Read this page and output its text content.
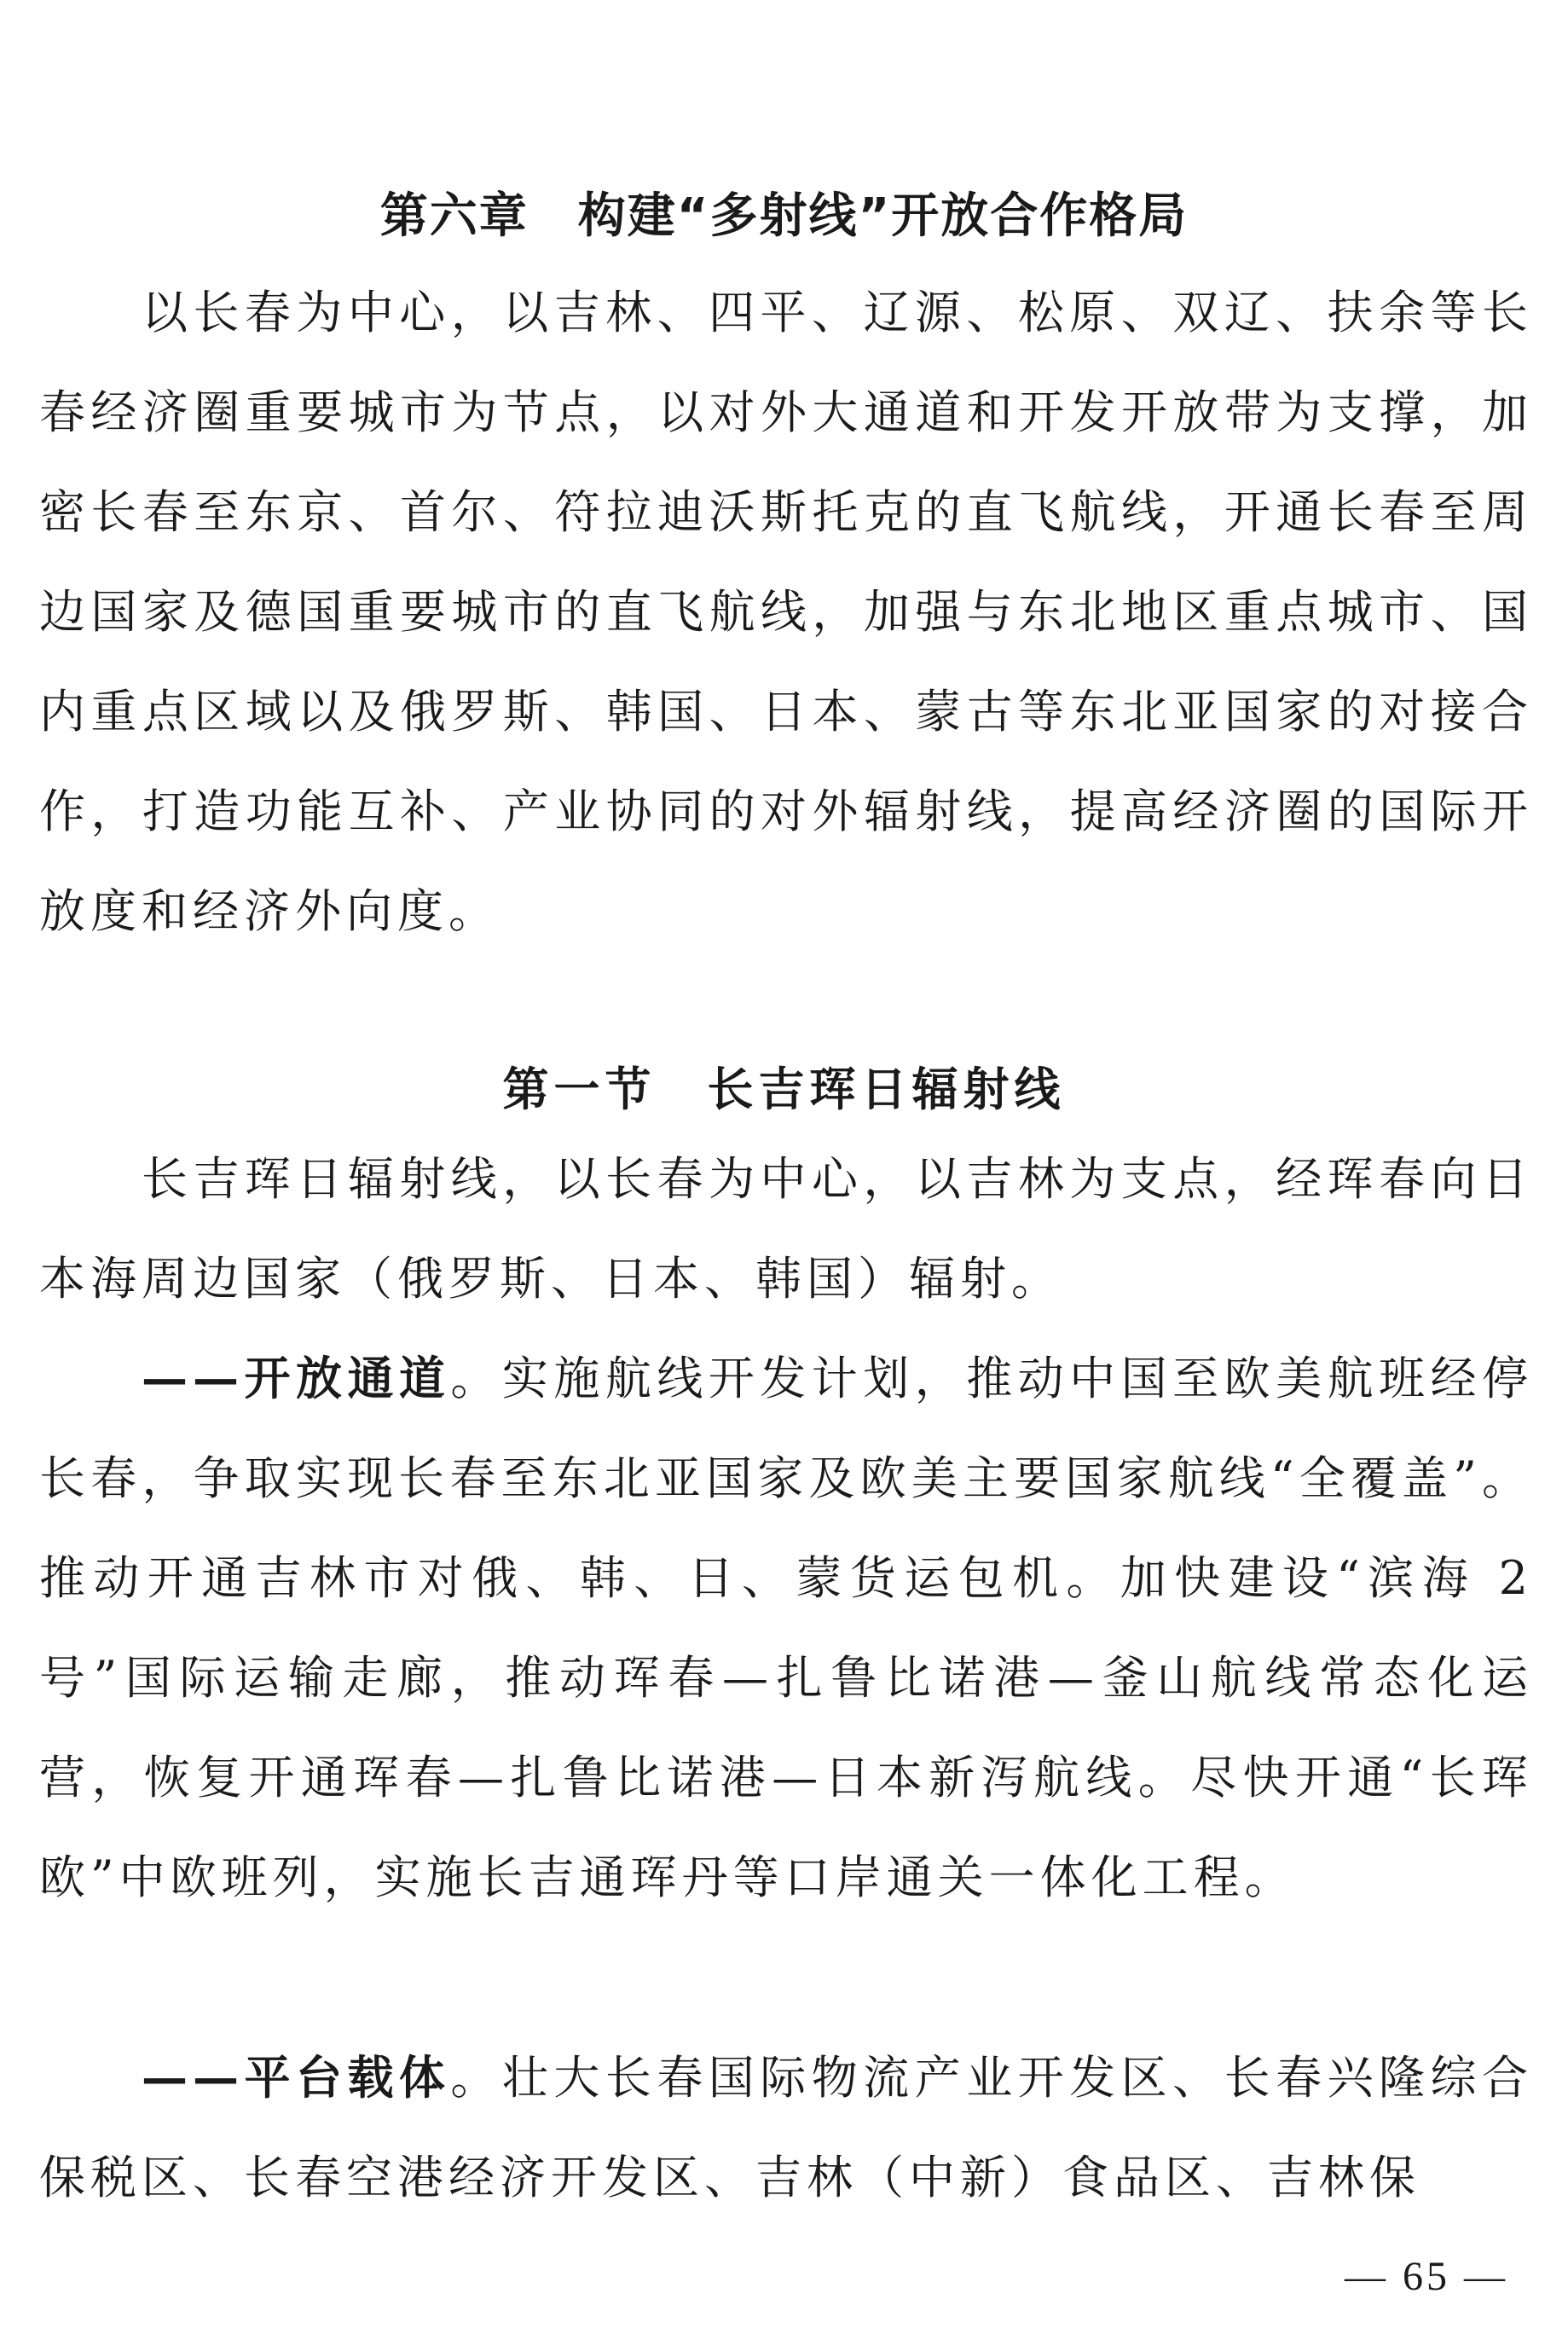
第六章　构建“多射线”开放合作格局

以长春为中心，以吉林、四平、辽源、松原、双辽、扶余等长春经济圈重要城市为节点，以对外大通道和开发开放带为支撑，加密长春至东京、首尔、符拉迪沃斯托克的直飞航线，开通长春至周边国家及德国重要城市的直飞航线，加强与东北地区重点城市、国内重点区域以及俄罗斯、韩国、日本、蒙古等东北亚国家的对接合作，打造功能互补、产业协同的对外辐射线，提高经济圈的国际开放度和经济外向度。

第一节　长吉珲日辐射线

长吉珲日辐射线，以长春为中心，以吉林为支点，经珲春向日本海周边国家（俄罗斯、日本、韩国）辐射。

——开放通道。实施航线开发计划，推动中国至欧美航班经停长春，争取实现长春至东北亚国家及欧美主要国家航线“全覆盖”。推动开通吉林市对俄、韩、日、蒙货运包机。加快建设“滨海 2 号”国际运输走廊，推动珲春—扎鲁比诺港—釜山航线常态化运营，恢复开通珲春—扎鲁比诺港—日本新泻航线。尽快开通“长珲欧”中欧班列，实施长吉通珲丹等口岸通关一体化工程。

——平台载体。壮大长春国际物流产业开发区、长春兴隆综合保税区、长春空港经济开发区、吉林（中新）食品区、吉林保

— 65 —
